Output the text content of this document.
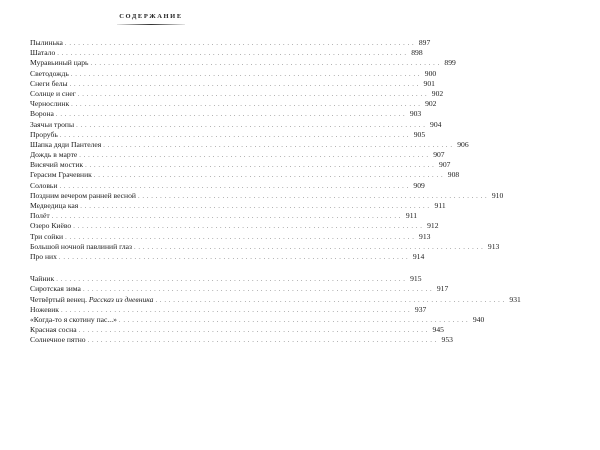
СОДЕРЖАНИЕ
Пылинька . . . . . . . . . . . . . . . . . . . . . . . . . . . . . . . . . . . . . . . . . . . . . . . . . . . . . . . . . . . . . . . . . . . . . . . . . . . . . . . 897
Шатало . . . . . . . . . . . . . . . . . . . . . . . . . . . . . . . . . . . . . . . . . . . . . . . . . . . . . . . . . . . . . . . . . . . . . . . . . . . . . . . 898
Муравьиный царь . . . . . . . . . . . . . . . . . . . . . . . . . . . . . . . . . . . . . . . . . . . . . . . . . . . . . . . . . . . . . . . . . . . . . . . . . . . . . . . 899
Светодождь . . . . . . . . . . . . . . . . . . . . . . . . . . . . . . . . . . . . . . . . . . . . . . . . . . . . . . . . . . . . . . . . . . . . . . . . . . . . . . . 900
Снеги белы . . . . . . . . . . . . . . . . . . . . . . . . . . . . . . . . . . . . . . . . . . . . . . . . . . . . . . . . . . . . . . . . . . . . . . . . . . . . . . . 901
Солнце и снег . . . . . . . . . . . . . . . . . . . . . . . . . . . . . . . . . . . . . . . . . . . . . . . . . . . . . . . . . . . . . . . . . . . . . . . . . . . . . . . 902
Чернослинк . . . . . . . . . . . . . . . . . . . . . . . . . . . . . . . . . . . . . . . . . . . . . . . . . . . . . . . . . . . . . . . . . . . . . . . . . . . . . . . 902
Ворона . . . . . . . . . . . . . . . . . . . . . . . . . . . . . . . . . . . . . . . . . . . . . . . . . . . . . . . . . . . . . . . . . . . . . . . . . . . . . . . 903
Заячьи тропы . . . . . . . . . . . . . . . . . . . . . . . . . . . . . . . . . . . . . . . . . . . . . . . . . . . . . . . . . . . . . . . . . . . . . . . . . . . . . . . 904
Прорубь . . . . . . . . . . . . . . . . . . . . . . . . . . . . . . . . . . . . . . . . . . . . . . . . . . . . . . . . . . . . . . . . . . . . . . . . . . . . . . . 905
Шапка дяди Пантелея . . . . . . . . . . . . . . . . . . . . . . . . . . . . . . . . . . . . . . . . . . . . . . . . . . . . . . . . . . . . . . . . . . . . . . . . . . . . . . . 906
Дождь в марте . . . . . . . . . . . . . . . . . . . . . . . . . . . . . . . . . . . . . . . . . . . . . . . . . . . . . . . . . . . . . . . . . . . . . . . . . . . . . . . 907
Висячий мостик . . . . . . . . . . . . . . . . . . . . . . . . . . . . . . . . . . . . . . . . . . . . . . . . . . . . . . . . . . . . . . . . . . . . . . . . . . . . . . . 907
Герасим Грачевник . . . . . . . . . . . . . . . . . . . . . . . . . . . . . . . . . . . . . . . . . . . . . . . . . . . . . . . . . . . . . . . . . . . . . . . . . . . . . . . 908
Соловьи . . . . . . . . . . . . . . . . . . . . . . . . . . . . . . . . . . . . . . . . . . . . . . . . . . . . . . . . . . . . . . . . . . . . . . . . . . . . . . . 909
Поздним вечером ранней весной . . . . . . . . . . . . . . . . . . . . . . . . . . . . . . . . . . . . . . . . . . . . . . . . . . . . . . . . . . . . . . . . . . . . . . . . . . . . . . . 910
Медведица кая . . . . . . . . . . . . . . . . . . . . . . . . . . . . . . . . . . . . . . . . . . . . . . . . . . . . . . . . . . . . . . . . . . . . . . . . . . . . . . . 911
Полёт . . . . . . . . . . . . . . . . . . . . . . . . . . . . . . . . . . . . . . . . . . . . . . . . . . . . . . . . . . . . . . . . . . . . . . . . . . . . . . . 911
Озеро Киёво . . . . . . . . . . . . . . . . . . . . . . . . . . . . . . . . . . . . . . . . . . . . . . . . . . . . . . . . . . . . . . . . . . . . . . . . . . . . . . . 912
Три сойки . . . . . . . . . . . . . . . . . . . . . . . . . . . . . . . . . . . . . . . . . . . . . . . . . . . . . . . . . . . . . . . . . . . . . . . . . . . . . . . 913
Большой ночной павлиний глаз . . . . . . . . . . . . . . . . . . . . . . . . . . . . . . . . . . . . . . . . . . . . . . . . . . . . . . . . . . . . . . . . . . . . . . . . . . . . . . . 913
Про них . . . . . . . . . . . . . . . . . . . . . . . . . . . . . . . . . . . . . . . . . . . . . . . . . . . . . . . . . . . . . . . . . . . . . . . . . . . . . . . 914
Чайник . . . . . . . . . . . . . . . . . . . . . . . . . . . . . . . . . . . . . . . . . . . . . . . . . . . . . . . . . . . . . . . . . . . . . . . . . . . . . . . 915
Сиротская зима . . . . . . . . . . . . . . . . . . . . . . . . . . . . . . . . . . . . . . . . . . . . . . . . . . . . . . . . . . . . . . . . . . . . . . . . . . . . . . . 917
Четвёртый венец. Рассказ из дневника . . . . . . . . . . . . . . . . . . . . . . . . . . . . . . . . . . . . . . . . . . . . . . . . . . . . . . . . . . . . . . . . . . . . . . . . . . . . . . . 931
Ножевик . . . . . . . . . . . . . . . . . . . . . . . . . . . . . . . . . . . . . . . . . . . . . . . . . . . . . . . . . . . . . . . . . . . . . . . . . . . . . . . 937
«Когда-то я скотину пас...» . . . . . . . . . . . . . . . . . . . . . . . . . . . . . . . . . . . . . . . . . . . . . . . . . . . . . . . . . . . . . . . . . . . . . . . . . . . . . . . 940
Красная сосна . . . . . . . . . . . . . . . . . . . . . . . . . . . . . . . . . . . . . . . . . . . . . . . . . . . . . . . . . . . . . . . . . . . . . . . . . . . . . . . 945
Солнечное пятно . . . . . . . . . . . . . . . . . . . . . . . . . . . . . . . . . . . . . . . . . . . . . . . . . . . . . . . . . . . . . . . . . . . . . . . . . . . . . . . 953
